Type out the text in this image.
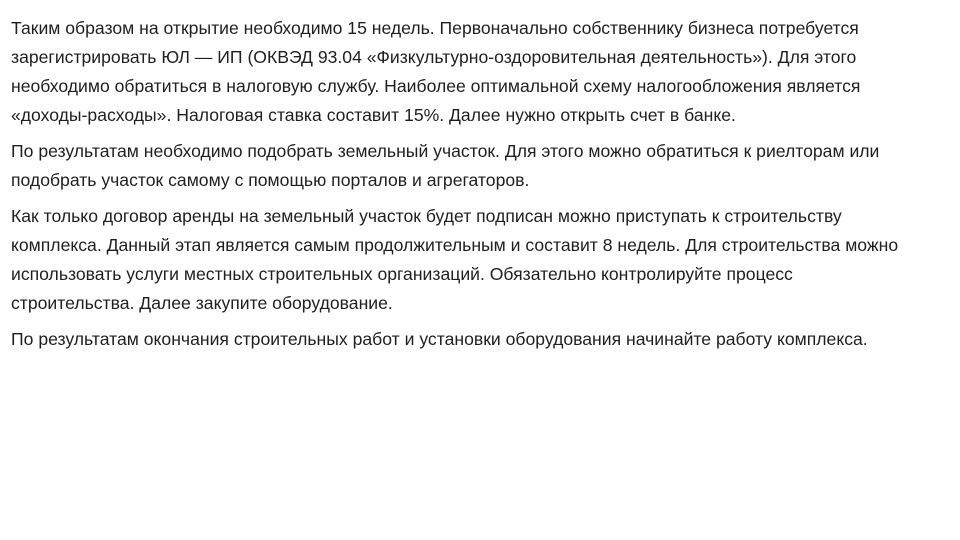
Таким образом на открытие необходимо 15 недель. Первоначально собственнику бизнеса потребуется зарегистрировать ЮЛ — ИП (ОКВЭД 93.04 «Физкультурно-оздоровительная деятельность»). Для этого необходимо обратиться в налоговую службу. Наиболее оптимальной схему налогообложения является «доходы-расходы». Налоговая ставка составит 15%. Далее нужно открыть счет в банке.

По результатам необходимо подобрать земельный участок. Для этого можно обратиться к риелторам или подобрать участок самому с помощью порталов и агрегаторов.

Как только договор аренды на земельный участок будет подписан можно приступать к строительству комплекса. Данный этап является самым продолжительным и составит 8 недель. Для строительства можно использовать услуги местных строительных организаций. Обязательно контролируйте процесс строительства. Далее закупите оборудование.

По результатам окончания строительных работ и установки оборудования начинайте работу комплекса.
